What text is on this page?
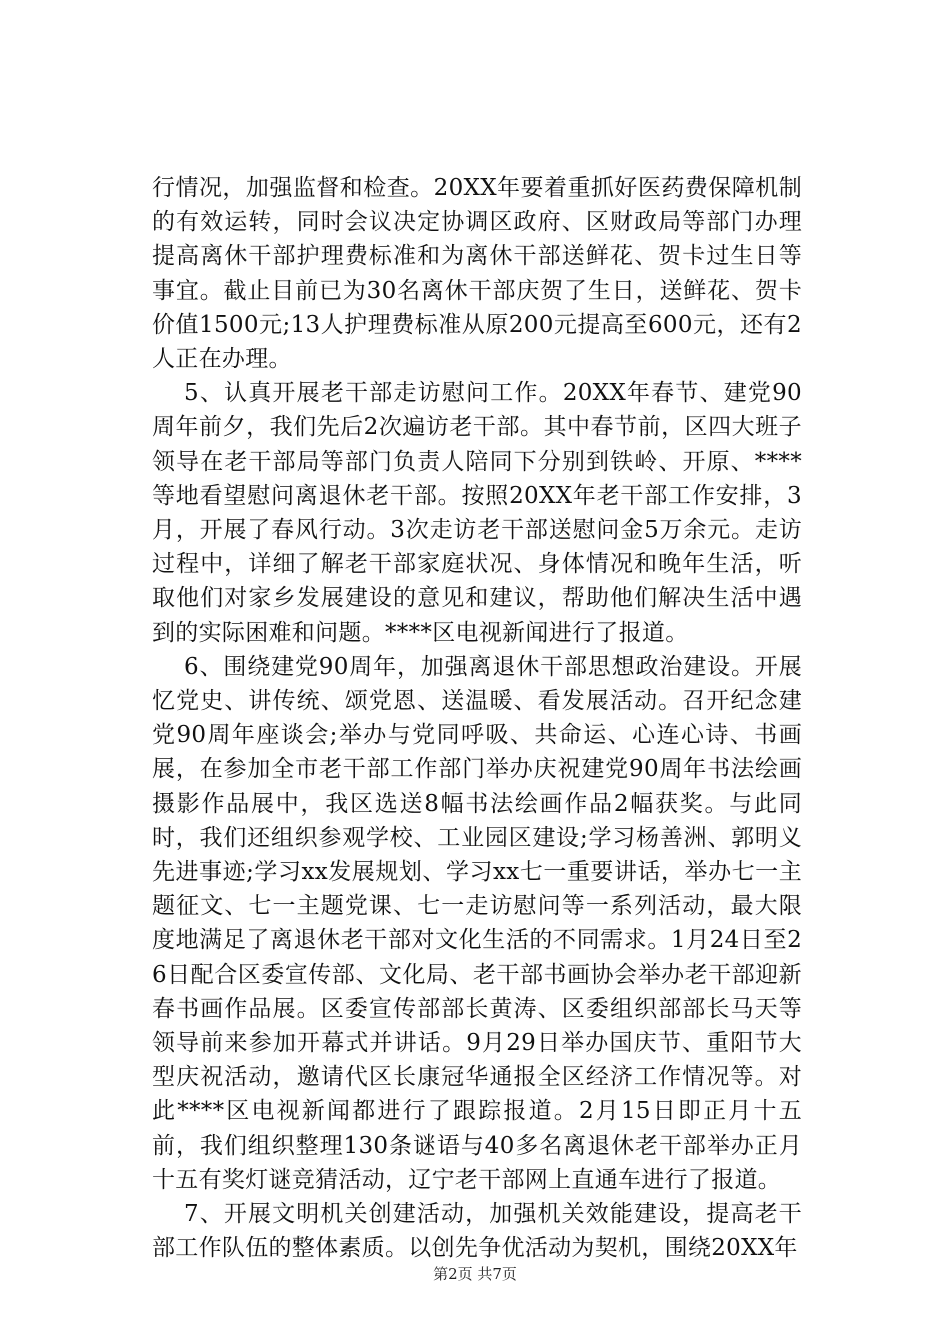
行情况，加强监督和检查。20XX年要着重抓好医药费保障机制的有效运转，同时会议决定协调区政府、区财政局等部门办理提高离休干部护理费标准和为离休干部送鲜花、贺卡过生日等事宜。截止目前已为30名离休干部庆贺了生日，送鲜花、贺卡价值1500元;13人护理费标准从原200元提高至600元，还有2人正在办理。

5、认真开展老干部走访慰问工作。20XX年春节、建党90周年前夕，我们先后2次遍访老干部。其中春节前，区四大班子领导在老干部局等部门负责人陪同下分别到铁岭、开原、****等地看望慰问离退休老干部。按照20XX年老干部工作安排，3月，开展了春风行动。3次走访老干部送慰问金5万余元。走访过程中，详细了解老干部家庭状况、身体情况和晚年生活，听取他们对家乡发展建设的意见和建议，帮助他们解决生活中遇到的实际困难和问题。****区电视新闻进行了报道。

6、围绕建党90周年，加强离退休干部思想政治建设。开展忆党史、讲传统、颂党恩、送温暖、看发展活动。召开纪念建党90周年座谈会;举办与党同呼吸、共命运、心连心诗、书画展，在参加全市老干部工作部门举办庆祝建党90周年书法绘画摄影作品展中，我区选送8幅书法绘画作品2幅获奖。与此同时，我们还组织参观学校、工业园区建设;学习杨善洲、郭明义先进事迹;学习xx发展规划、学习xx七一重要讲话，举办七一主题征文、七一主题党课、七一走访慰问等一系列活动，最大限度地满足了离退休老干部对文化生活的不同需求。1月24日至26日配合区委宣传部、文化局、老干部书画协会举办老干部迎新春书画作品展。区委宣传部部长黄涛、区委组织部部长马天等领导前来参加开幕式并讲话。9月29日举办国庆节、重阳节大型庆祝活动，邀请代区长康冠华通报全区经济工作情况等。对此****区电视新闻都进行了跟踪报道。2月15日即正月十五前，我们组织整理130条谜语与40多名离退休老干部举办正月十五有奖灯谜竞猜活动，辽宁老干部网上直通车进行了报道。

7、开展文明机关创建活动，加强机关效能建设，提高老干部工作队伍的整体素质。以创先争优活动为契机，围绕20XX年

第2页 共7页
